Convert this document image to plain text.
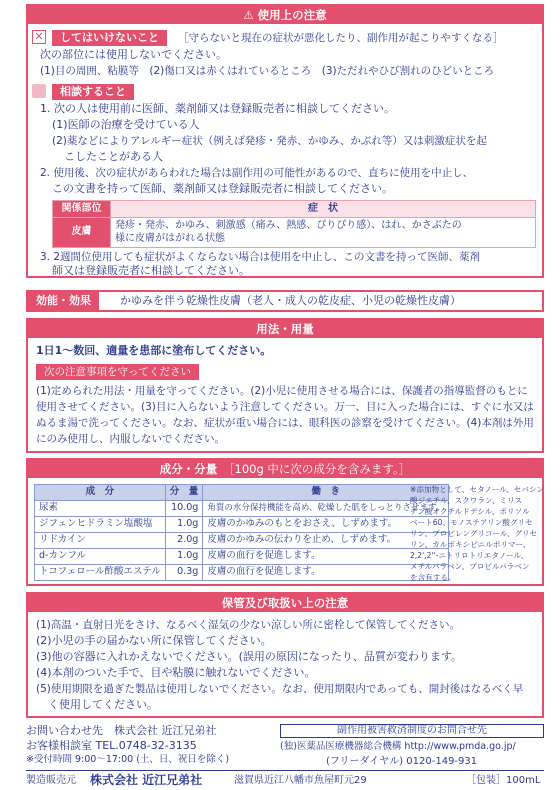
⚠ 使用上の注意
✕	してはいけないこと	［守らないと現在の症状が悪化したり、副作用が起こりやすくなる］
次の部位には使用しないでください。
(1)目の周囲、粘膜等　(2)傷口又は赤くはれているところ　(3)ただれやひび割れのひどいところ
相談すること
1. 次の人は使用前に医師、薬剤師又は登録販売者に相談してください。
(1)医師の治療を受けている人
(2)薬などによりアレルギー症状（例えば発疹・発赤、かゆみ、かぶれ等）又は刺激症状を起
こしたことがある人
2. 使用後、次の症状があらわれた場合は副作用の可能性があるので、直ちに使用を中止し、
この文書を持って医師、薬剤師又は登録販売者に相談してください。
関係部位	症　状
皮膚	発疹・発赤、かゆみ、刺激感（痛み、熱感、ぴりぴり感）、はれ、かさぶたの
様に皮膚がはがれる状態
3. 2週間位使用しても症状がよくならない場合は使用を中止し、この文書を持って医師、薬剤
師又は登録販売者に相談してください。
効能・効果	かゆみを伴う乾燥性皮膚（老人・成人の乾皮症、小児の乾燥性皮膚）
用法・用量
1日1～数回、適量を患部に塗布してください。
次の注意事項を守ってください
(1)定められた用法・用量を守ってください。(2)小児に使用させる場合には、保護者の指導監督のもとに
使用させてください。(3)目に入らないよう注意してください。万一、目に入った場合には、すぐに水又は
ぬるま湯で洗ってください。なお、症状が重い場合には、眼科医の診察を受けてください。(4)本剤は外用
にのみ使用し、内服しないでください。
成分・分量　 ［100g 中に次の成分を含みます。］
成　分	分　量	働　き
尿素	10.0g	角質の水分保持機能を高め、乾燥した肌をしっとりさせます。
ジフェンヒドラミン塩酸塩	1.0g	皮膚のかゆみのもとをおさえ、しずめます。
リドカイン	2.0g	皮膚のかゆみの伝わりを止め、しずめます。
d-カンフル	1.0g	皮膚の血行を促進します。
トコフェロール酢酸エステル	0.3g	皮膚の血行を促進します。
※添加物として、セタノール、セバシン
酸ジエチル、スクワラン、ミリス
チン酸オクチルドデシル、ポリソル
ベート60、モノステアリン酸グリセ
リン、プロピレングリコール、グリセ
リン、カルボキシビニルポリマー、
2,2',2''-ニトリロトリエタノール、
メチルパラベン、プロピルパラベン
を含有する。
保管及び取扱い上の注意
(1)高温・直射日光をさけ、なるべく湿気の少ない涼しい所に密栓して保管してください。
(2)小児の手の届かない所に保管してください。
(3)他の容器に入れかえないでください。(誤用の原因になったり、品質が変わります。
(4)本剤のついた手で、目や粘膜に触れないでください。
(5)使用期限を過ぎた製品は使用しないでください。なお、使用期限内であっても、開封後はなるべく早
く使用してください。
お問い合わせ先　株式会社 近江兄弟社
お客様相談室 TEL.0748-32-3135
※受付時間 9:00～17:00 (土、日、祝日を除く)
副作用被害救済制度のお問合せ先
(独)医薬品医療機器総合機構 http://www.pmda.go.jp/
(フリーダイヤル) 0120-149-931
製造販売元 株式会社 近江兄弟社	滋賀県近江八幡市魚屋町元29	［包装］ 100mL
